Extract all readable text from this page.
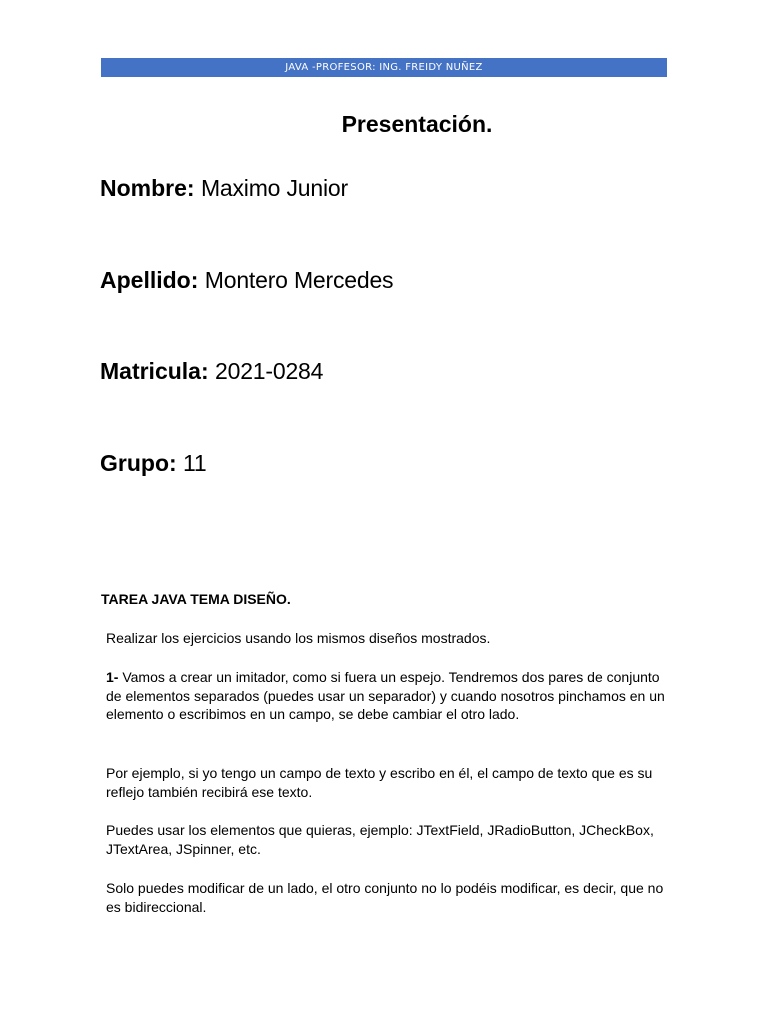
JAVA -PROFESOR: ING. FREIDY NUÑEZ
Presentación.
Nombre: Maximo Junior
Apellido: Montero Mercedes
Matricula: 2021-0284
Grupo: 11
TAREA JAVA TEMA DISEÑO.

Realizar los ejercicios usando los mismos diseños mostrados.

1- Vamos a crear un imitador, como si fuera un espejo. Tendremos dos pares de conjunto de elementos separados (puedes usar un separador) y cuando nosotros pinchamos en un elemento o escribimos en un campo, se debe cambiar el otro lado.

Por ejemplo, si yo tengo un campo de texto y escribo en él, el campo de texto que es su reflejo también recibirá ese texto.

Puedes usar los elementos que quieras, ejemplo: JTextField, JRadioButton, JCheckBox, JTextArea, JSpinner, etc.

Solo puedes modificar de un lado, el otro conjunto no lo podéis modificar, es decir, que no es bidireccional.
